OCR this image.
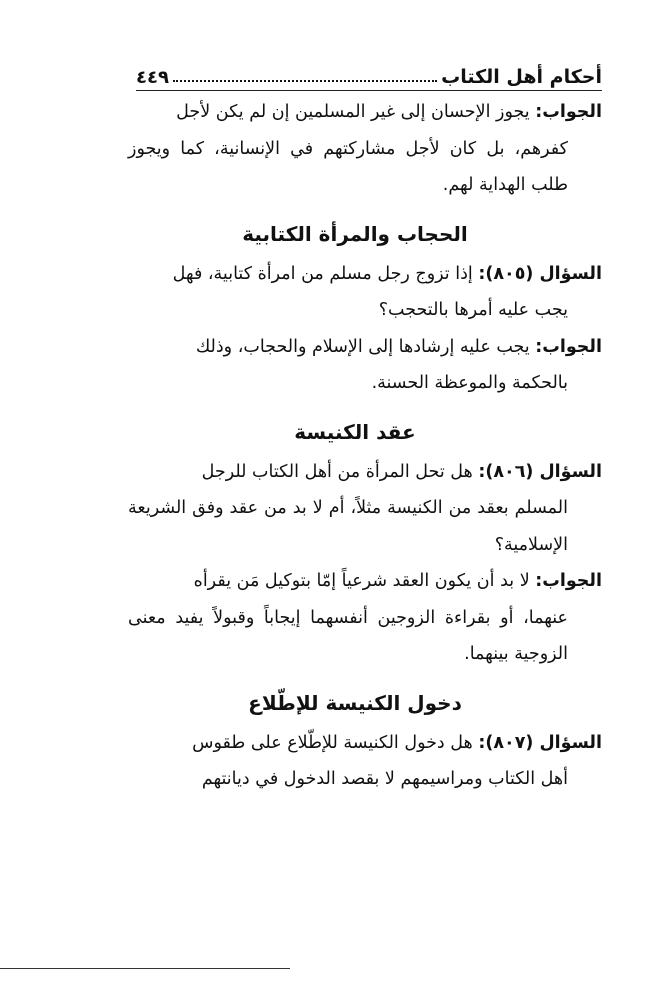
أحكام أهل الكتاب
٤٤٩

الجواب: يجوز الإحسان إلى غير المسلمين إن لم يكن لأجل

كفرهم، بل كان لأجل مشاركتهم في الإنسانية، كما ويجوز طلب الهداية لهم.

الحجاب والمرأة الكتابية

السؤال (٨٠٥): إذا تزوج رجل مسلم من امرأة كتابية، فهل

يجب عليه أمرها بالتحجب؟

الجواب: يجب عليه إرشادها إلى الإسلام والحجاب، وذلك

بالحكمة والموعظة الحسنة.

عقد الكنيسة

السؤال (٨٠٦): هل تحل المرأة من أهل الكتاب للرجل

المسلم بعقد من الكنيسة مثلاً، أم لا بد من عقد وفق الشريعة الإسلامية؟

الجواب: لا بد أن يكون العقد شرعياً إمّا بتوكيل مَن يقرأه

عنهما، أو بقراءة الزوجين أنفسهما إيجاباً وقبولاً يفيد معنى الزوجية بينهما.

دخول الكنيسة للإطّلاع

السؤال (٨٠٧): هل دخول الكنيسة للإطّلاع على طقوس

أهل الكتاب ومراسيمهم لا بقصد الدخول في ديانتهم
